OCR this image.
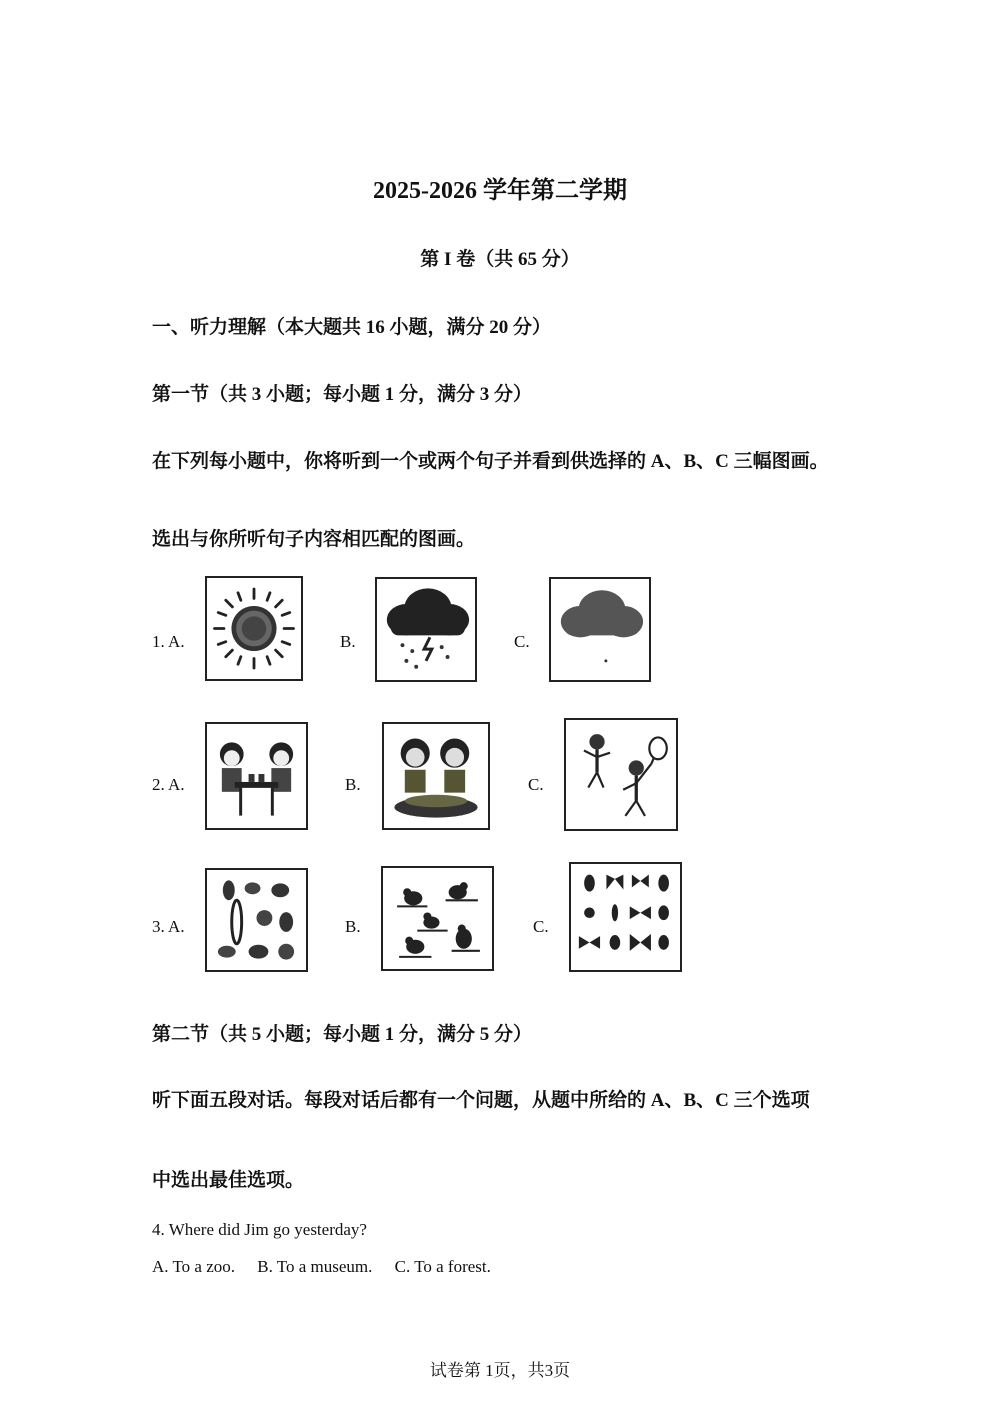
2025-2026 学年第二学期
第 I 卷（共 65 分）
一、听力理解（本大题共 16 小题，满分 20 分）
第一节（共 3 小题；每小题 1 分，满分 3 分）
在下列每小题中，你将听到一个或两个句子并看到供选择的 A、B、C 三幅图画。
选出与你所听句子内容相匹配的图画。
1. A.	B.	C.
2. A.	B.	C.
3. A.	B.	C.
第二节（共 5 小题；每小题 1 分，满分 5 分）
听下面五段对话。每段对话后都有一个问题，从题中所给的 A、B、C 三个选项
中选出最佳选项。
4. Where did Jim go yesterday?
A. To a zoo. B. To a museum. C. To a forest.
试卷第 1页，共3页
